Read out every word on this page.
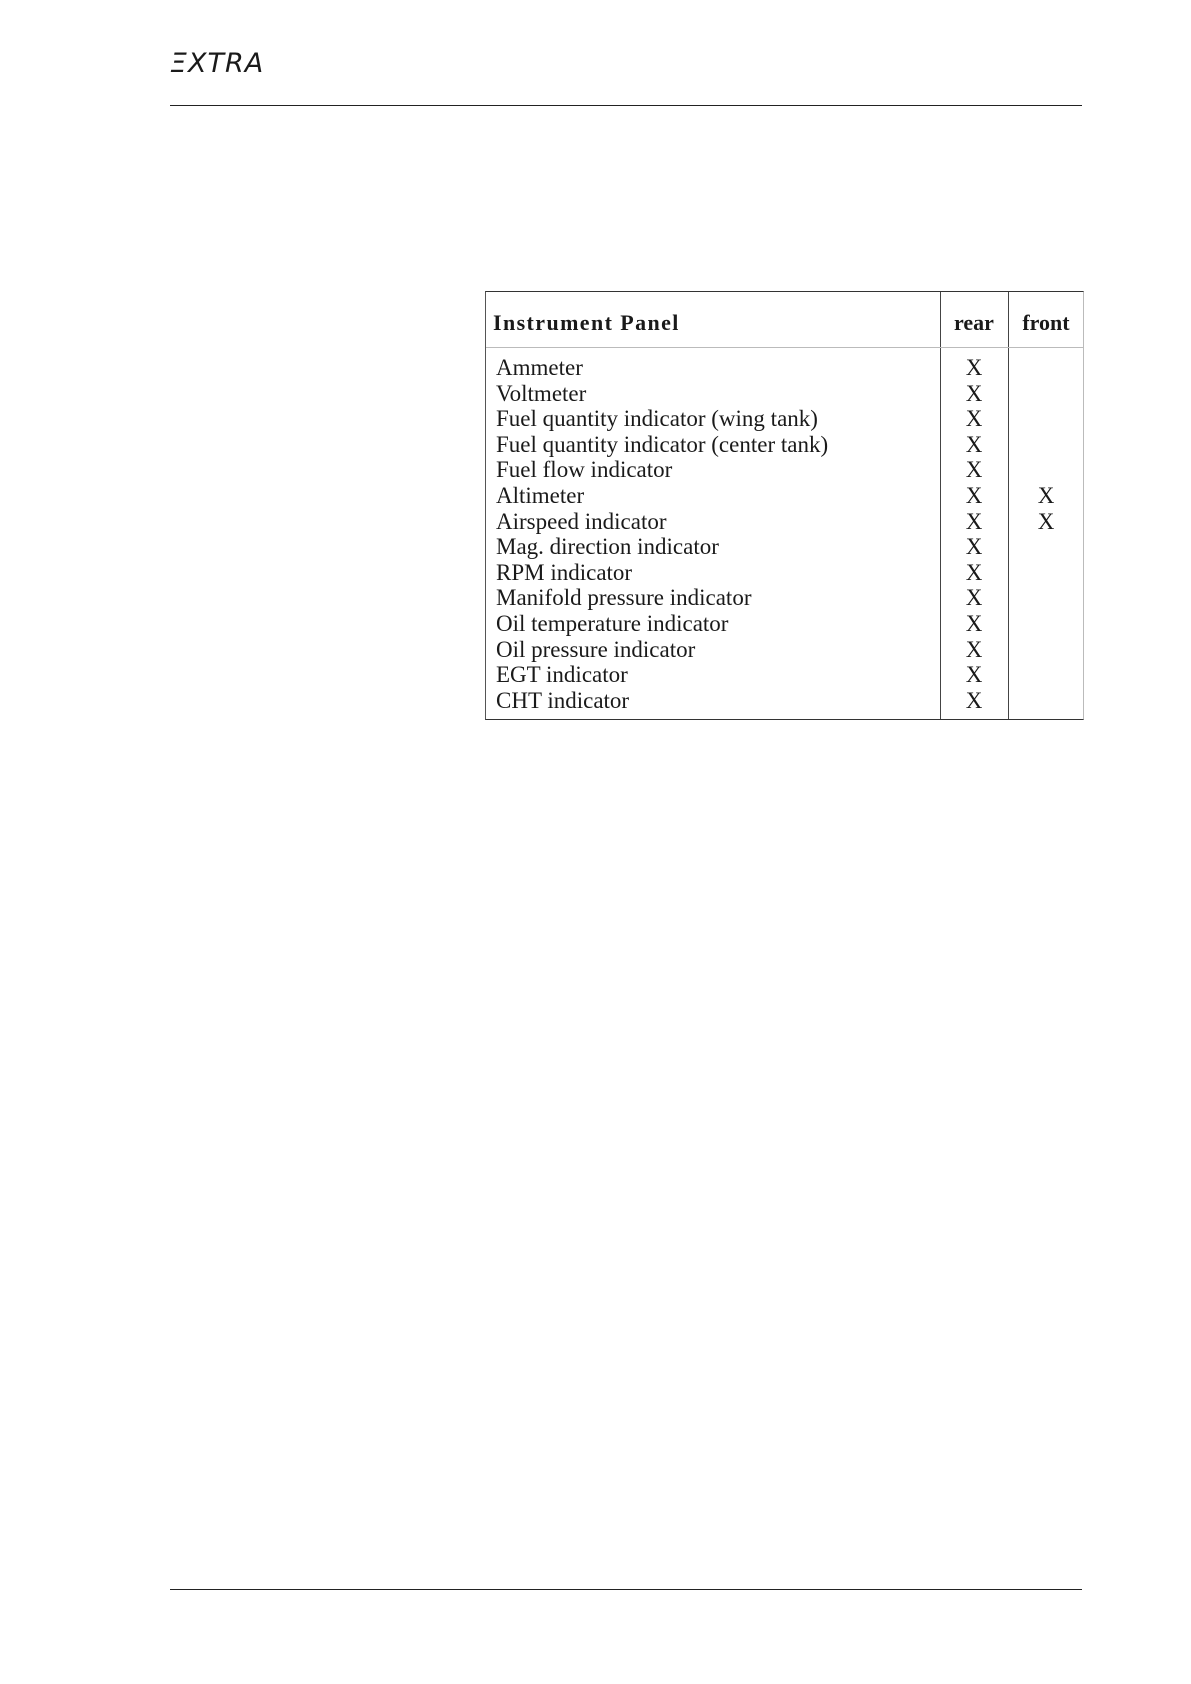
ΞXTRA
Instrument Panel	rear	front
Ammeter	X
Voltmeter	X
Fuel quantity indicator (wing tank)	X
Fuel quantity indicator (center tank)	X
Fuel flow indicator	X
Altimeter	X	X
Airspeed indicator	X	X
Mag. direction indicator	X
RPM indicator	X
Manifold pressure indicator	X
Oil temperature indicator	X
Oil pressure indicator	X
EGT indicator	X
CHT indicator	X
